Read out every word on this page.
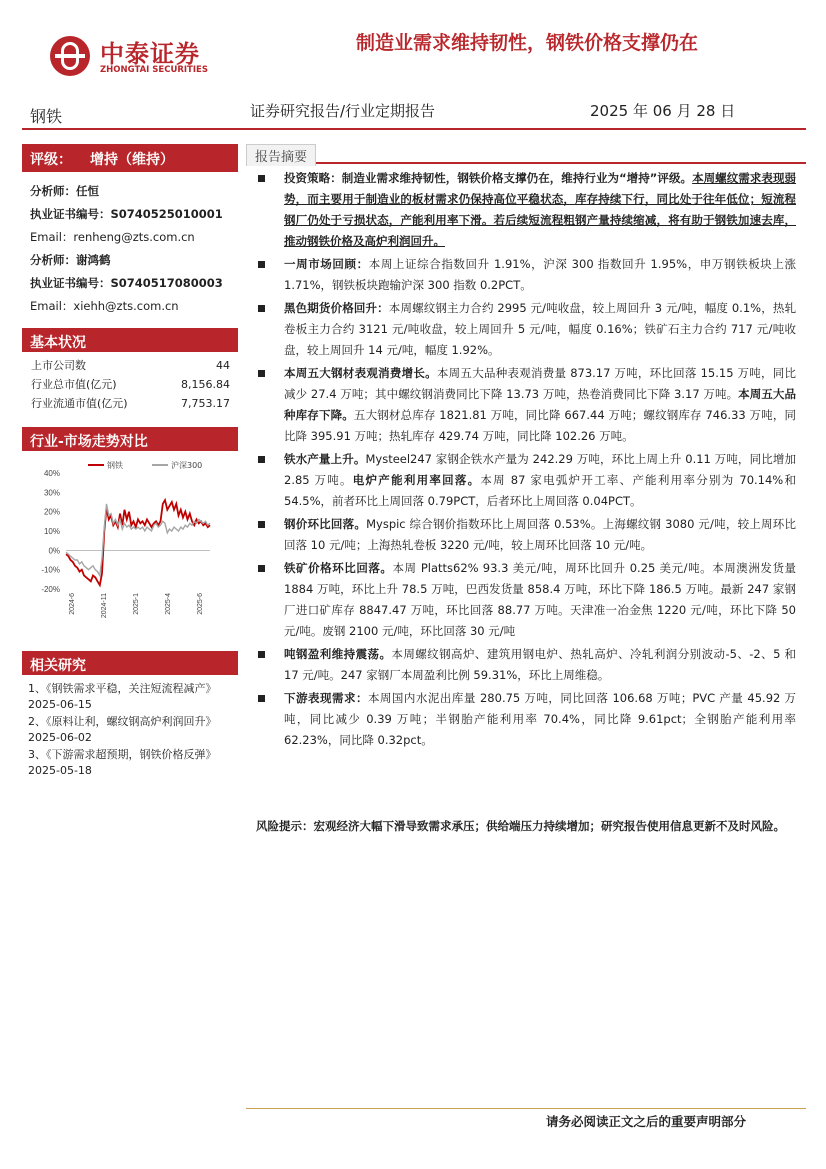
中泰证券
ZHONGTAI SECURITIES
制造业需求维持韧性，钢铁价格支撑仍在
钢铁	证券研究报告/行业定期报告	2025 年 06 月 28 日
评级： 增持（维持）
分析师：任恒
执业证书编号：S0740525010001
Email：renheng@zts.com.cn
分析师：谢鸿鹤
执业证书编号：S0740517080003
Email：xiehh@zts.com.cn
基本状况
上市公司数	44
行业总市值(亿元)	8,156.84
行业流通市值(亿元)	7,753.17
行业-市场走势对比
40%
30%
20%
10%
0%
-10%
-20%
2024-6	2024-11	2025-1	2025-4	2025-6
钢铁	沪深300
相关研究

1、《钢铁需求平稳，关注短流程减产》
2025-06-15

2、《原料让利，螺纹钢高炉利润回升》
2025-06-02

3、《下游需求超预期，钢铁价格反弹》
2025-05-18

报告摘要
投资策略：制造业需求维持韧性，钢铁价格支撑仍在，维持行业为“增持”评级。本周螺纹需求表现弱势，而主要用于制造业的板材需求仍保持高位平稳状态，库存持续下行，同比处于往年低位；短流程钢厂仍处于亏损状态，产能利用率下滑。若后续短流程粗钢产量持续缩减，将有助于钢铁加速去库，推动钢铁价格及高炉利润回升。
一周市场回顾：本周上证综合指数回升 1.91%，沪深 300 指数回升 1.95%，申万钢铁板块上涨 1.71%，钢铁板块跑输沪深 300 指数 0.2PCT。
黑色期货价格回升：本周螺纹钢主力合约 2995 元/吨收盘，较上周回升 3 元/吨，幅度 0.1%，热轧卷板主力合约 3121 元/吨收盘，较上周回升 5 元/吨，幅度 0.16%；铁矿石主力合约 717 元/吨收盘，较上周回升 14 元/吨，幅度 1.92%。
本周五大钢材表观消费增长。本周五大品种表观消费量 873.17 万吨，环比回落 15.15 万吨，同比减少 27.4 万吨；其中螺纹钢消费同比下降 13.73 万吨，热卷消费同比下降 3.17 万吨。本周五大品种库存下降。五大钢材总库存 1821.81 万吨，同比降 667.44 万吨；螺纹钢库存 746.33 万吨，同比降 395.91 万吨；热轧库存 429.74 万吨，同比降 102.26 万吨。
铁水产量上升。Mysteel247 家钢企铁水产量为 242.29 万吨，环比上周上升 0.11 万吨，同比增加 2.85 万吨。电炉产能利用率回落。本周 87 家电弧炉开工率、产能利用率分别为 70.14%和 54.5%，前者环比上周回落 0.79PCT，后者环比上周回落 0.04PCT。
钢价环比回落。Myspic 综合钢价指数环比上周回落 0.53%。上海螺纹钢 3080 元/吨，较上周环比回落 10 元/吨；上海热轧卷板 3220 元/吨，较上周环比回落 10 元/吨。
铁矿价格环比回落。本周 Platts62% 93.3 美元/吨，周环比回升 0.25 美元/吨。本周澳洲发货量 1884 万吨，环比上升 78.5 万吨，巴西发货量 858.4 万吨，环比下降 186.5 万吨。最新 247 家钢厂进口矿库存 8847.47 万吨，环比回落 88.77 万吨。天津准一冶金焦 1220 元/吨，环比下降 50 元/吨。废钢 2100 元/吨，环比回落 30 元/吨
吨钢盈利维持震荡。本周螺纹钢高炉、建筑用钢电炉、热轧高炉、冷轧利润分别波动-5、-2、5 和 17 元/吨。247 家钢厂本周盈利比例 59.31%，环比上周维稳。
下游表现需求：本周国内水泥出库量 280.75 万吨，同比回落 106.68 万吨；PVC 产量 45.92 万吨，同比减少 0.39 万吨；半钢胎产能利用率 70.4%，同比降 9.61pct；全钢胎产能利用率 62.23%，同比降 0.32pct。
风险提示：宏观经济大幅下滑导致需求承压；供给端压力持续增加；研究报告使用信息更新不及时风险。
请务必阅读正文之后的重要声明部分
